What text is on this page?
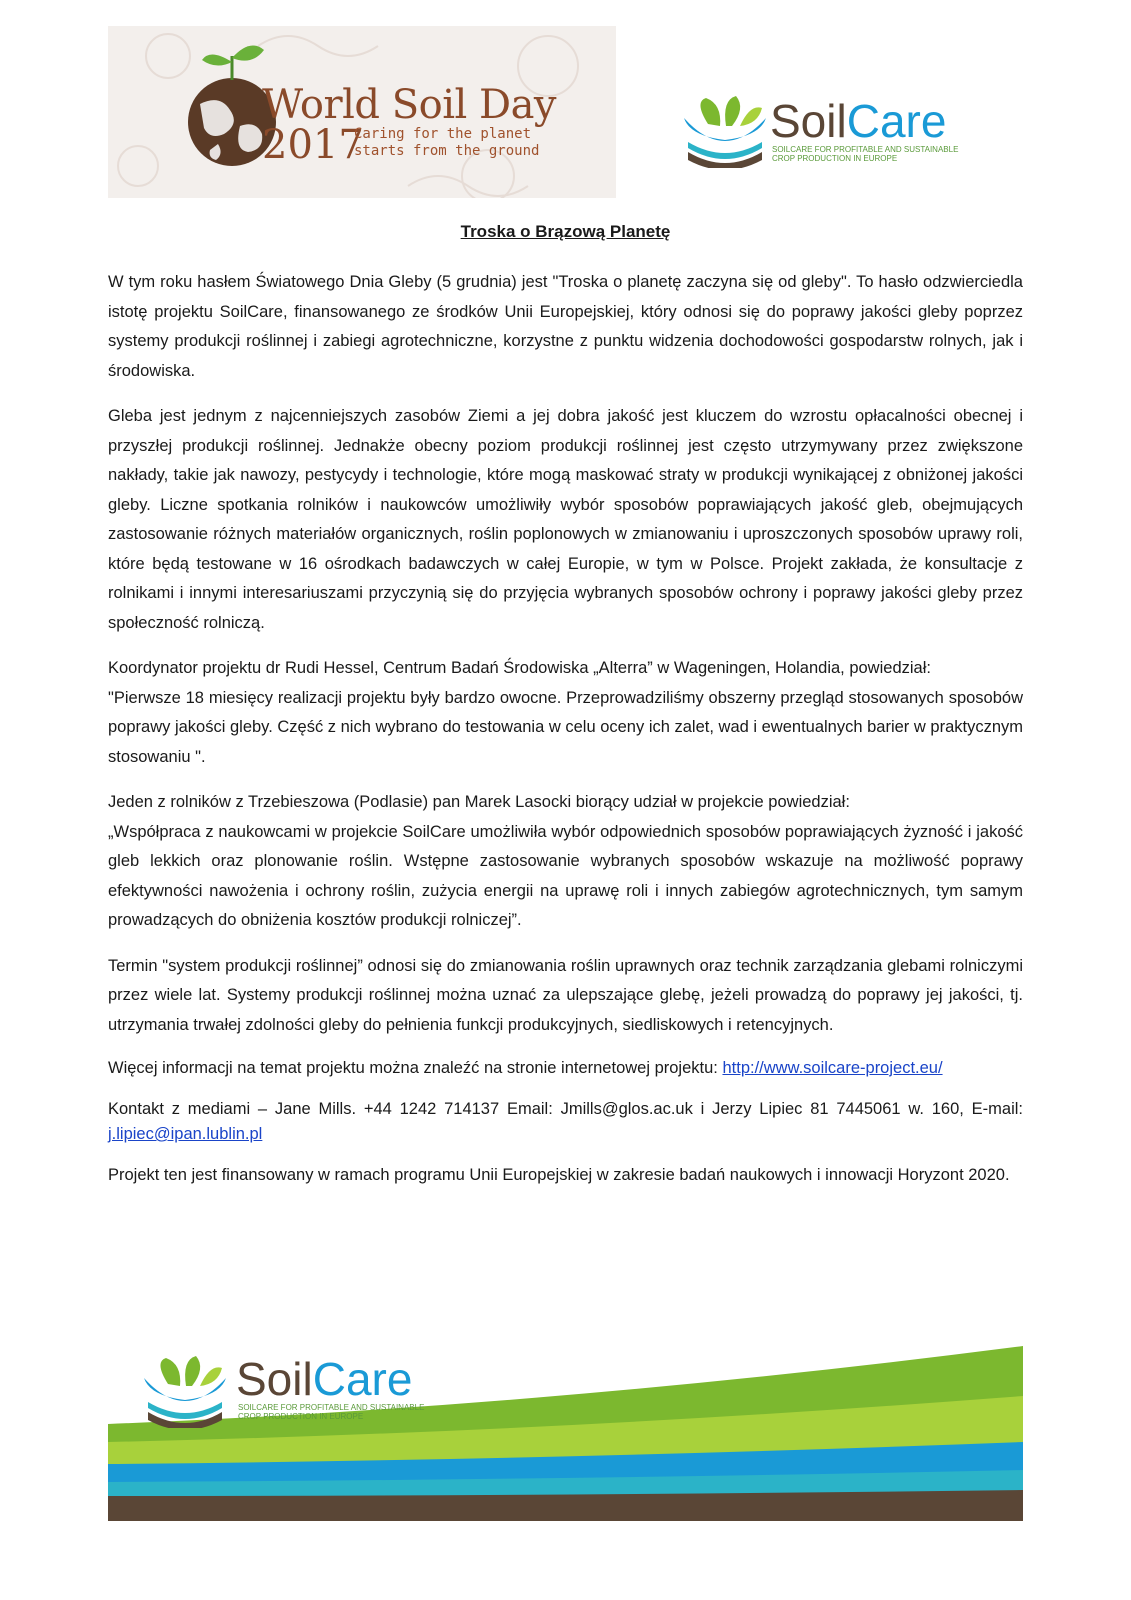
World Soil Day
2017
Caring for the planet
starts from the ground
SoilCare
SOILCARE FOR PROFITABLE AND SUSTAINABLE
CROP PRODUCTION IN EUROPE
Troska o Brązową Planetę

W tym roku hasłem Światowego Dnia Gleby (5 grudnia) jest "Troska o planetę zaczyna się od gleby". To hasło odzwierciedla istotę projektu SoilCare, finansowanego ze środków Unii Europejskiej, który odnosi się do poprawy jakości gleby poprzez systemy produkcji roślinnej i zabiegi agrotechniczne, korzystne z punktu widzenia dochodowości gospodarstw rolnych, jak i środowiska.

Gleba jest jednym z najcenniejszych zasobów Ziemi a jej dobra jakość jest kluczem do wzrostu opłacalności obecnej i przyszłej produkcji roślinnej. Jednakże obecny poziom produkcji roślinnej jest często utrzymywany przez zwiększone nakłady, takie jak nawozy, pestycydy i technologie, które mogą maskować straty w produkcji wynikającej z obniżonej jakości gleby. Liczne spotkania rolników i naukowców umożliwiły wybór sposobów poprawiających jakość gleb, obejmujących zastosowanie różnych materiałów organicznych, roślin poplonowych w zmianowaniu i uproszczonych sposobów uprawy roli, które będą testowane w 16 ośrodkach badawczych w całej Europie, w tym w Polsce. Projekt zakłada, że konsultacje z rolnikami i innymi interesariuszami przyczynią się do przyjęcia wybranych sposobów ochrony i poprawy jakości gleby przez społeczność rolniczą.

Koordynator projektu dr Rudi Hessel, Centrum Badań Środowiska „Alterra” w Wageningen, Holandia, powiedział:
"Pierwsze 18 miesięcy realizacji projektu były bardzo owocne. Przeprowadziliśmy obszerny przegląd stosowanych sposobów poprawy jakości gleby. Część z nich wybrano do testowania w celu oceny ich zalet, wad i ewentualnych barier w praktycznym stosowaniu ".

Jeden z rolników z Trzebieszowa (Podlasie) pan Marek Lasocki biorący udział w projekcie powiedział:
„Współpraca z naukowcami w projekcie SoilCare umożliwiła wybór odpowiednich sposobów poprawiających żyzność i jakość gleb lekkich oraz plonowanie roślin. Wstępne zastosowanie wybranych sposobów wskazuje na możliwość poprawy efektywności nawożenia i ochrony roślin, zużycia energii na uprawę roli i innych zabiegów agrotechnicznych, tym samym prowadzących do obniżenia kosztów produkcji rolniczej”.

Termin "system produkcji roślinnej” odnosi się do zmianowania roślin uprawnych oraz technik zarządzania glebami rolniczymi przez wiele lat. Systemy produkcji roślinnej można uznać za ulepszające glebę, jeżeli prowadzą do poprawy jej jakości, tj. utrzymania trwałej zdolności gleby do pełnienia funkcji produkcyjnych, siedliskowych i retencyjnych.

Więcej informacji na temat projektu można znaleźć na stronie internetowej projektu: http://www.soilcare-project.eu/

Kontakt z mediami – Jane Mills. +44 1242 714137 Email: Jmills@glos.ac.uk i Jerzy Lipiec 81 7445061 w. 160, E-mail: j.lipiec@ipan.lublin.pl

Projekt ten jest finansowany w ramach programu Unii Europejskiej w zakresie badań naukowych i innowacji Horyzont 2020.

SoilCare
SOILCARE FOR PROFITABLE AND SUSTAINABLE
CROP PRODUCTION IN EUROPE
